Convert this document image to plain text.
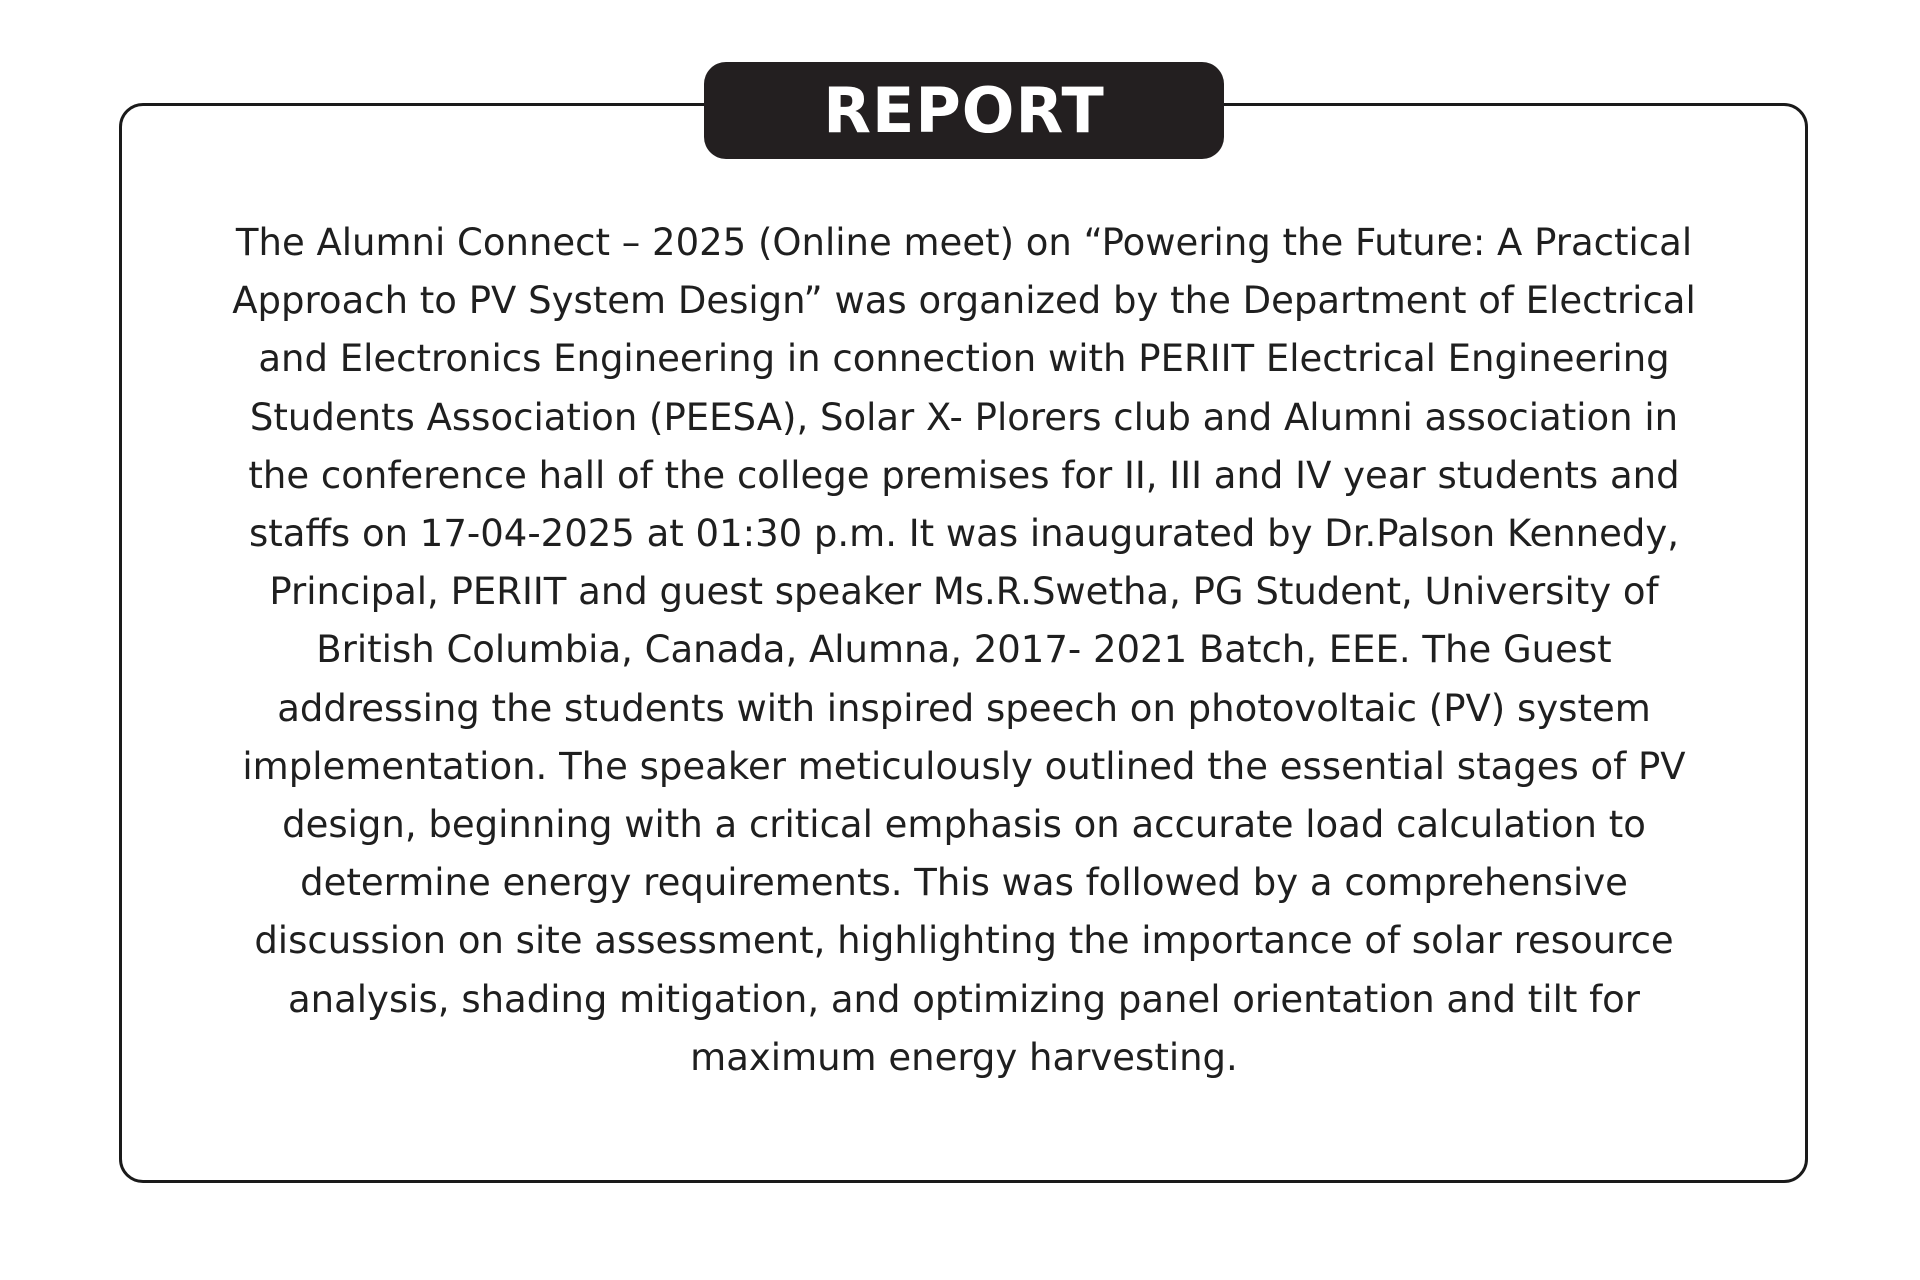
REPORT

The Alumni Connect – 2025 (Online meet) on “Powering the Future: A Practical
Approach to PV System Design” was organized by the Department of Electrical
and Electronics Engineering in connection with PERIIT Electrical Engineering
Students Association (PEESA), Solar X- Plorers club and Alumni association in
the conference hall of the college premises for II, III and IV year students and
staffs on 17-04-2025 at 01:30 p.m. It was inaugurated by Dr.Palson Kennedy,
Principal, PERIIT and guest speaker Ms.R.Swetha, PG Student, University of
British Columbia, Canada, Alumna, 2017- 2021 Batch, EEE. The Guest
addressing the students with inspired speech on photovoltaic (PV) system
implementation. The speaker meticulously outlined the essential stages of PV
design, beginning with a critical emphasis on accurate load calculation to
determine energy requirements. This was followed by a comprehensive
discussion on site assessment, highlighting the importance of solar resource
analysis, shading mitigation, and optimizing panel orientation and tilt for
maximum energy harvesting.
